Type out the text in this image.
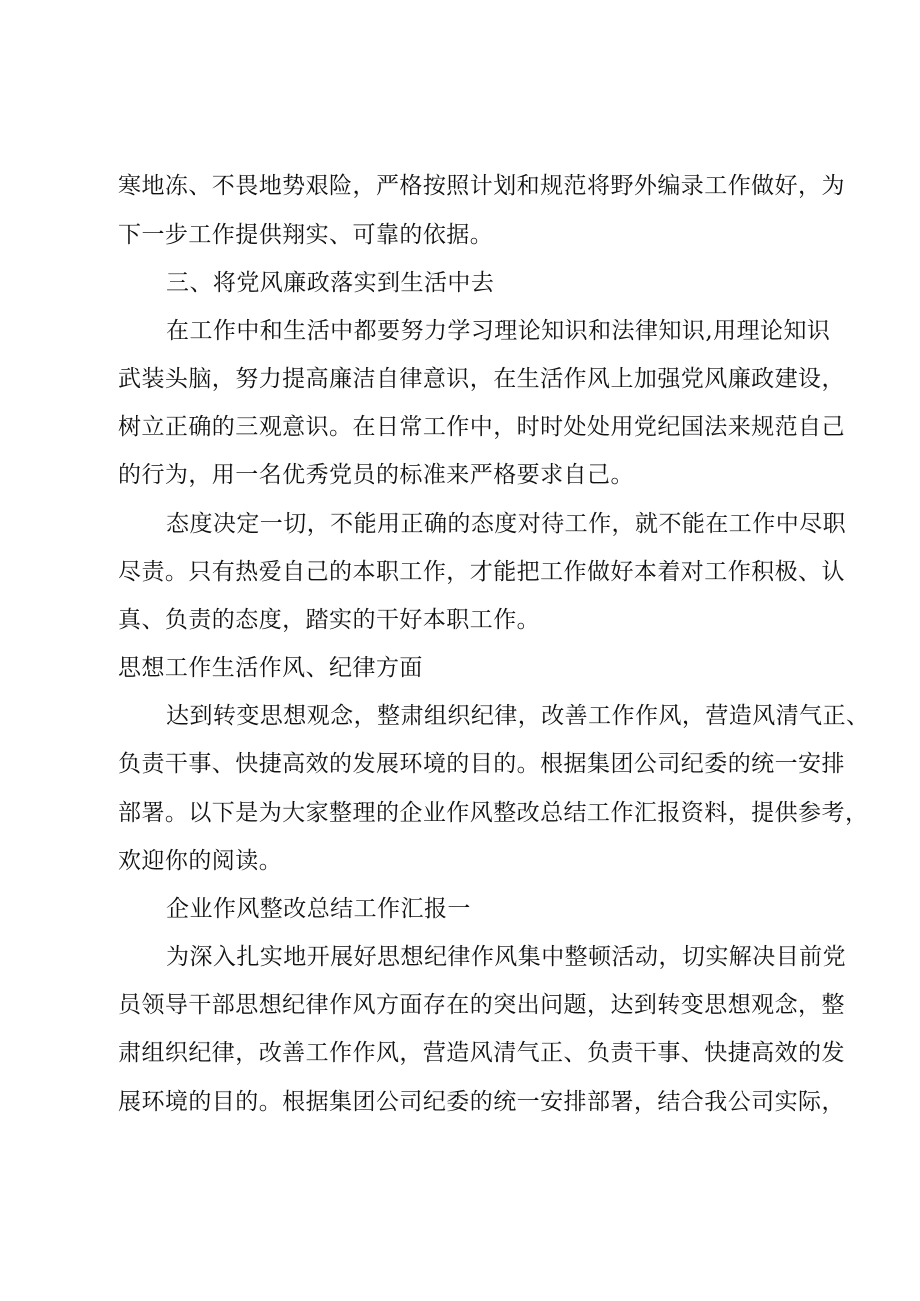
寒地冻、不畏地势艰险，严格按照计划和规范将野外编录工作做好，为
下一步工作提供翔实、可靠的依据。
三、将党风廉政落实到生活中去
在工作中和生活中都要努力学习理论知识和法律知识,用理论知识
武装头脑，努力提高廉洁自律意识，在生活作风上加强党风廉政建设，
树立正确的三观意识。在日常工作中，时时处处用党纪国法来规范自己
的行为，用一名优秀党员的标准来严格要求自己。
态度决定一切，不能用正确的态度对待工作，就不能在工作中尽职
尽责。只有热爱自己的本职工作，才能把工作做好本着对工作积极、认
真、负责的态度，踏实的干好本职工作。
思想工作生活作风、纪律方面
达到转变思想观念，整肃组织纪律，改善工作作风，营造风清气正、
负责干事、快捷高效的发展环境的目的。根据集团公司纪委的统一安排
部署。以下是为大家整理的企业作风整改总结工作汇报资料，提供参考，
欢迎你的阅读。
企业作风整改总结工作汇报一
为深入扎实地开展好思想纪律作风集中整顿活动，切实解决目前党
员领导干部思想纪律作风方面存在的突出问题，达到转变思想观念，整
肃组织纪律，改善工作作风，营造风清气正、负责干事、快捷高效的发
展环境的目的。根据集团公司纪委的统一安排部署，结合我公司实际，
